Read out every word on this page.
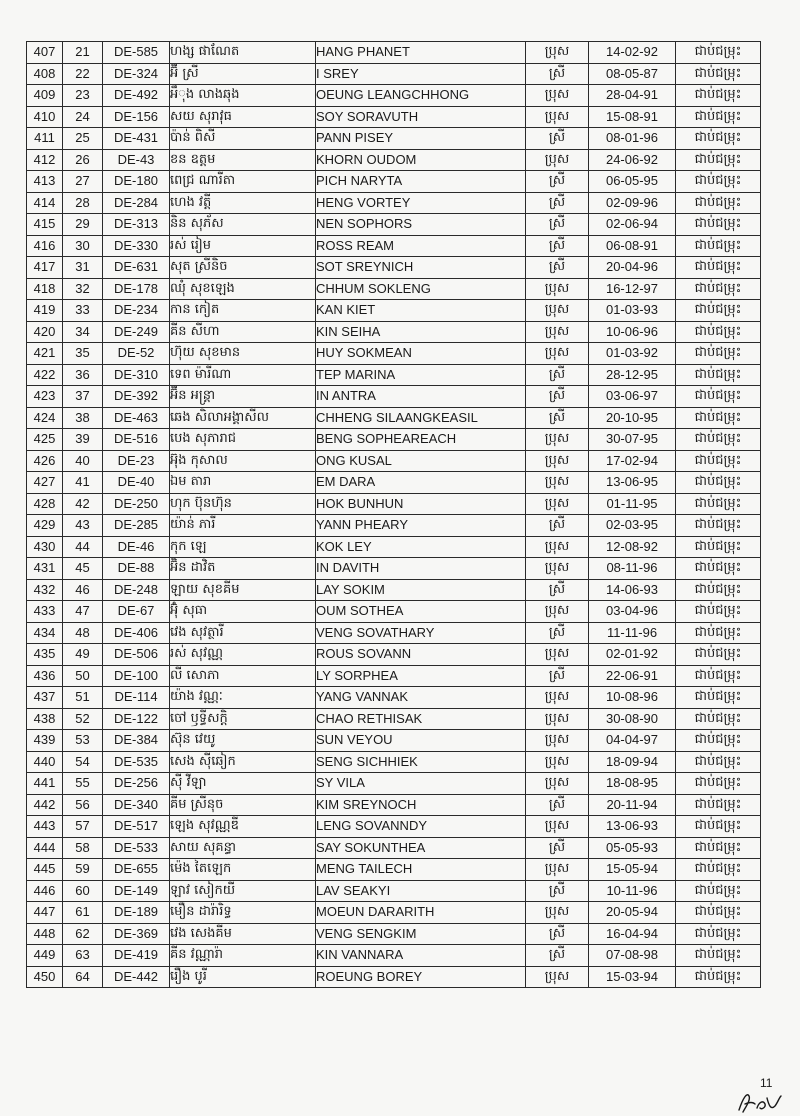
407	21	DE-585	ហង្ស ផាណែត	HANG PHANET	ប្រុស	14-02-92	ជាប់ជម្រុះ
408	22	DE-324	អ៊ី ស្រី	I SREY	ស្រី	08-05-87	ជាប់ជម្រុះ
409	23	DE-492	អឹុង លាងឆុង	OEUNG LEANGCHHONG	ប្រុស	28-04-91	ជាប់ជម្រុះ
410	24	DE-156	សយ សុរាវុធ	SOY SORAVUTH	ប្រុស	15-08-91	ជាប់ជម្រុះ
411	25	DE-431	ប៉ាន់ ពិសី	PANN PISEY	ស្រី	08-01-96	ជាប់ជម្រុះ
412	26	DE-43	ខន ឧត្តម	KHORN OUDOM	ប្រុស	24-06-92	ជាប់ជម្រុះ
413	27	DE-180	ពេជ្រ ណារីតា	PICH NARYTA	ស្រី	06-05-95	ជាប់ជម្រុះ
414	28	DE-284	ហេង វត្តី	HENG VORTEY	ស្រី	02-09-96	ជាប់ជម្រុះ
415	29	DE-313	និន សុភ័ស	NEN SOPHORS	ស្រី	02-06-94	ជាប់ជម្រុះ
416	30	DE-330	រស់ រៀម	ROSS REAM	ស្រី	06-08-91	ជាប់ជម្រុះ
417	31	DE-631	សុត ស្រីនិច	SOT SREYNICH	ស្រី	20-04-96	ជាប់ជម្រុះ
418	32	DE-178	ឈុំ សុខឡេង	CHHUM SOKLENG	ប្រុស	16-12-97	ជាប់ជម្រុះ
419	33	DE-234	កាន កៀត	KAN KIET	ប្រុស	01-03-93	ជាប់ជម្រុះ
420	34	DE-249	គីន សីហា	KIN SEIHA	ប្រុស	10-06-96	ជាប់ជម្រុះ
421	35	DE-52	ហ៊ុយ សុខមាន	HUY SOKMEAN	ប្រុស	01-03-92	ជាប់ជម្រុះ
422	36	DE-310	ទេព ម៉ារីណា	TEP MARINA	ស្រី	28-12-95	ជាប់ជម្រុះ
423	37	DE-392	អ៊ីន អន្ត្រា	IN ANTRA	ស្រី	03-06-97	ជាប់ជម្រុះ
424	38	DE-463	ឆេង សិលាអង្គាសីល	CHHENG SILAANGKEASIL	ស្រី	20-10-95	ជាប់ជម្រុះ
425	39	DE-516	បេង សុភារាជ	BENG SOPHEAREACH	ប្រុស	30-07-95	ជាប់ជម្រុះ
426	40	DE-23	អ៊ុង កុសាល	ONG KUSAL	ប្រុស	17-02-94	ជាប់ជម្រុះ
427	41	DE-40	ឯម តារា	EM DARA	ប្រុស	13-06-95	ជាប់ជម្រុះ
428	42	DE-250	ហុក ប៊ុនហ៊ុន	HOK BUNHUN	ប្រុស	01-11-95	ជាប់ជម្រុះ
429	43	DE-285	យ៉ាន់ ភារី	YANN PHEARY	ស្រី	02-03-95	ជាប់ជម្រុះ
430	44	DE-46	កុក ឡេ	KOK LEY	ប្រុស	12-08-92	ជាប់ជម្រុះ
431	45	DE-88	អ៊ិន ដាវិត	IN DAVITH	ប្រុស	08-11-96	ជាប់ជម្រុះ
432	46	DE-248	ឡាយ សុខគីម	LAY SOKIM	ស្រី	14-06-93	ជាប់ជម្រុះ
433	47	DE-67	អ៊ុំ សុធា	OUM SOTHEA	ប្រុស	03-04-96	ជាប់ជម្រុះ
434	48	DE-406	វេង សុវត្ថារី	VENG SOVATHARY	ស្រី	11-11-96	ជាប់ជម្រុះ
435	49	DE-506	រស់ សុវណ្ណ	ROUS SOVANN	ប្រុស	02-01-92	ជាប់ជម្រុះ
436	50	DE-100	លី សោភា	LY SORPHEA	ស្រី	22-06-91	ជាប់ជម្រុះ
437	51	DE-114	យ៉ាង វណ្ណៈ	YANG VANNAK	ប្រុស	10-08-96	ជាប់ជម្រុះ
438	52	DE-122	ចៅ ឫទ្ធីសក្តិ	CHAO RETHISAK	ប្រុស	30-08-90	ជាប់ជម្រុះ
439	53	DE-384	ស៊ុន វេយូ	SUN VEYOU	ប្រុស	04-04-97	ជាប់ជម្រុះ
440	54	DE-535	សេង ស៊ីឆៀក	SENG SICHHIEK	ប្រុស	18-09-94	ជាប់ជម្រុះ
441	55	DE-256	ស៊ី វីឡា	SY VILA	ប្រុស	18-08-95	ជាប់ជម្រុះ
442	56	DE-340	គីម ស្រីនុច	KIM SREYNOCH	ស្រី	20-11-94	ជាប់ជម្រុះ
443	57	DE-517	ឡេង សុវណ្ណឌី	LENG SOVANNDY	ប្រុស	13-06-93	ជាប់ជម្រុះ
444	58	DE-533	សាយ សុគន្ធា	SAY SOKUNTHEA	ស្រី	05-05-93	ជាប់ជម្រុះ
445	59	DE-655	ម៉េង តៃឡេក	MENG TAILECH	ប្រុស	15-05-94	ជាប់ជម្រុះ
446	60	DE-149	ឡាវ សៀកយី	LAV SEAKYI	ស្រី	10-11-96	ជាប់ជម្រុះ
447	61	DE-189	មឿន ដារ៉ារិទ្ធ	MOEUN DARARITH	ប្រុស	20-05-94	ជាប់ជម្រុះ
448	62	DE-369	វេង សេងគីម	VENG SENGKIM	ស្រី	16-04-94	ជាប់ជម្រុះ
449	63	DE-419	គីន វណ្ណារ៉ា	KIN VANNARA	ស្រី	07-08-98	ជាប់ជម្រុះ
450	64	DE-442	រឿង បូរី	ROEUNG BOREY	ប្រុស	15-03-94	ជាប់ជម្រុះ
11
